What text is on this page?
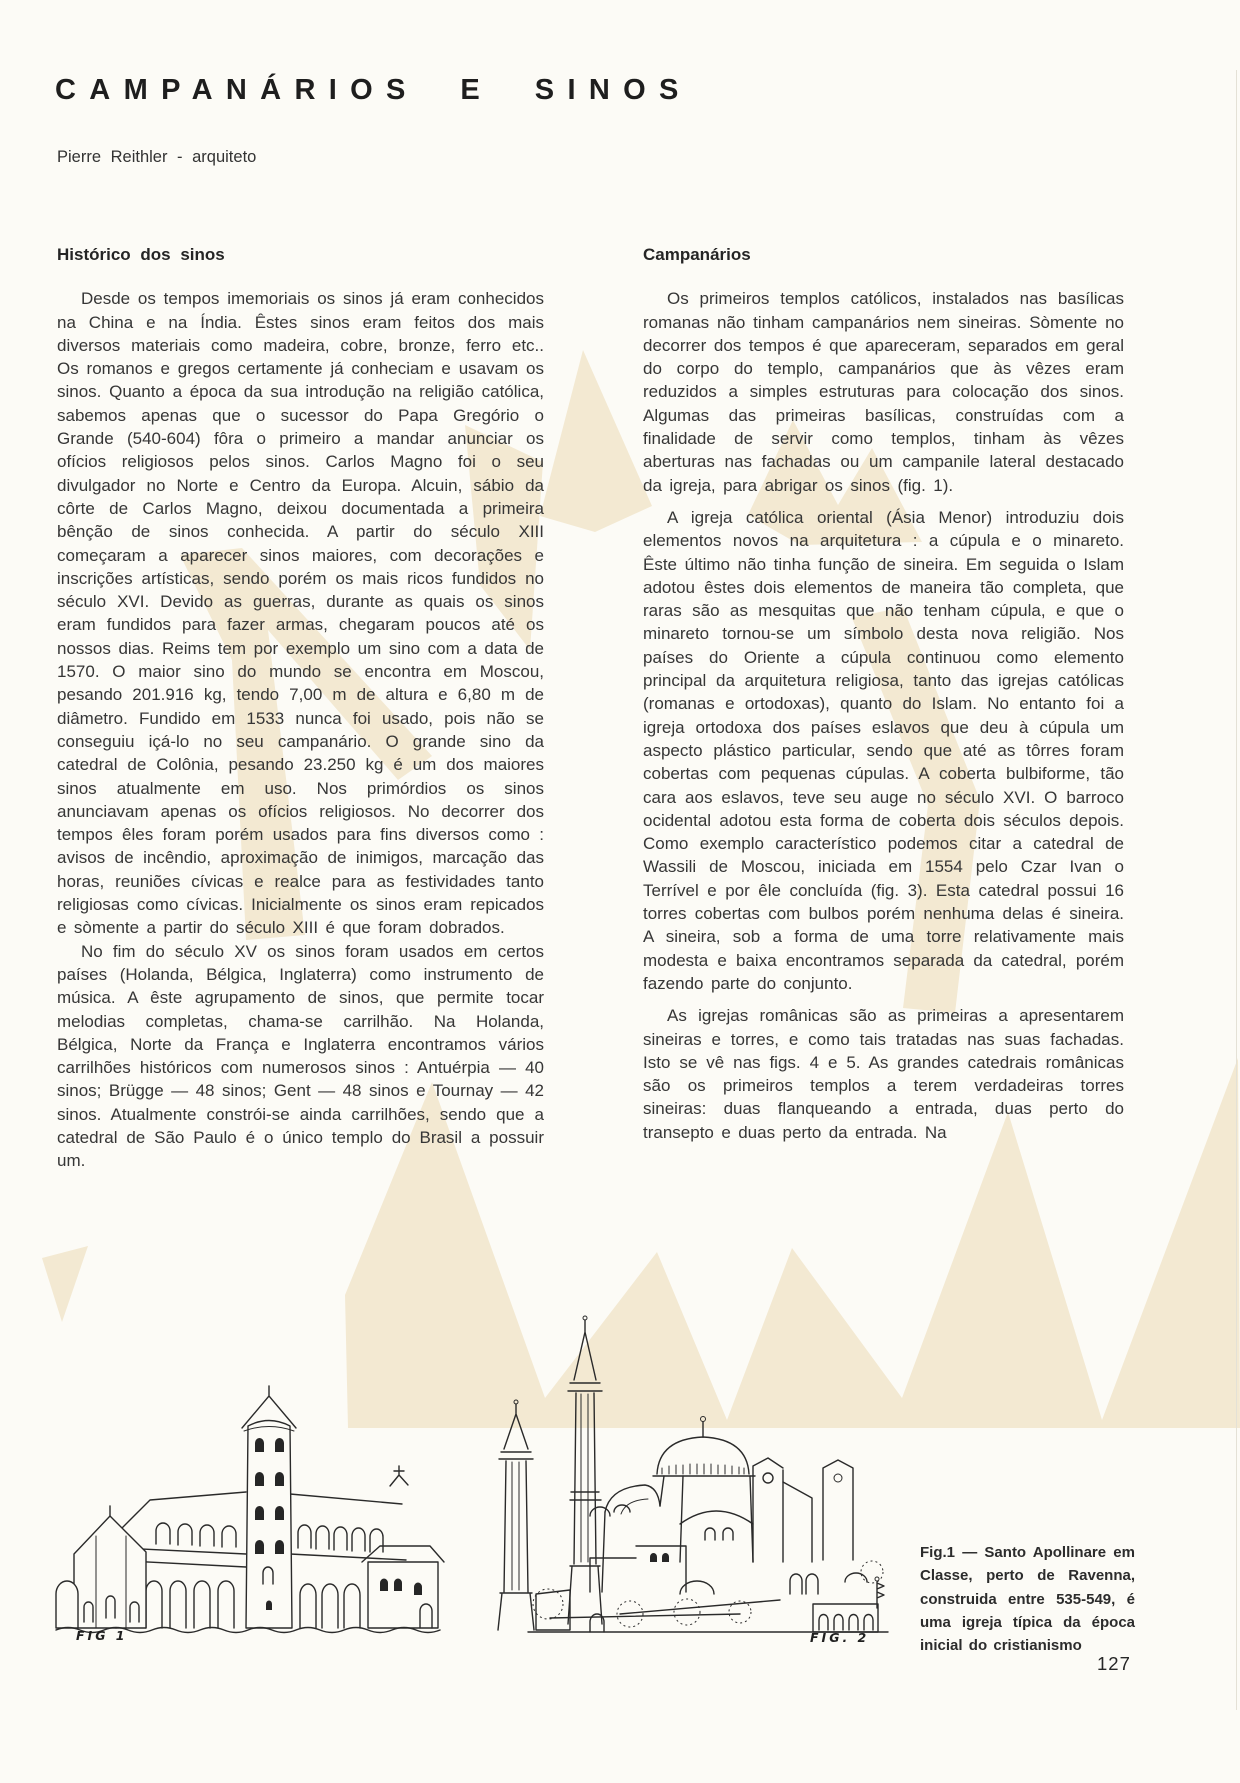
CAMPANÁRIOS E SINOS
Pierre Reithler - arquiteto
Histórico dos sinos

Desde os tempos imemoriais os sinos já eram conhecidos na China e na Índia. Êstes sinos eram feitos dos mais diversos materiais como madeira, cobre, bronze, ferro etc.. Os romanos e gregos certamente já conheciam e usavam os sinos. Quanto a época da sua introdução na religião católica, sabemos apenas que o sucessor do Papa Gregório o Grande (540-604) fôra o primeiro a mandar anunciar os ofícios religiosos pelos sinos. Carlos Magno foi o seu divulgador no Norte e Centro da Europa. Alcuin, sábio da côrte de Carlos Magno, deixou documentada a primeira bênção de sinos conhecida. A partir do século XIII começaram a aparecer sinos maiores, com decorações e inscrições artísticas, sendo porém os mais ricos fundidos no século XVI. Devido as guerras, durante as quais os sinos eram fundidos para fazer armas, chegaram poucos até os nossos dias. Reims tem por exemplo um sino com a data de 1570. O maior sino do mundo se encontra em Moscou, pesando 201.916 kg, tendo 7,00 m de altura e 6,80 m de diâmetro. Fundido em 1533 nunca foi usado, pois não se conseguiu içá-lo no seu campanário. O grande sino da catedral de Colônia, pesando 23.250 kg é um dos maiores sinos atualmente em uso. Nos primórdios os sinos anunciavam apenas os ofícios religiosos. No decorrer dos tempos êles foram porém usados para fins diversos como : avisos de incêndio, aproximação de inimigos, marcação das horas, reuniões cívicas e realce para as festividades tanto religiosas como cívicas. Inicialmente os sinos eram repicados e sòmente a partir do século XIII é que foram dobrados.

No fim do século XV os sinos foram usados em certos países (Holanda, Bélgica, Inglaterra) como instrumento de música. A êste agrupamento de sinos, que permite tocar melodias completas, chama-se carrilhão. Na Holanda, Bélgica, Norte da França e Inglaterra encontramos vários carrilhões históricos com numerosos sinos : Antuérpia — 40 sinos; Brügge — 48 sinos; Gent — 48 sinos e Tournay — 42 sinos. Atualmente constrói-se ainda carrilhões, sendo que a catedral de São Paulo é o único templo do Brasil a possuir um.

Campanários

Os primeiros templos católicos, instalados nas basílicas romanas não tinham campanários nem sineiras. Sòmente no decorrer dos tempos é que apareceram, separados em geral do corpo do templo, campanários que às vêzes eram reduzidos a simples estruturas para colocação dos sinos. Algumas das primeiras basílicas, construídas com a finalidade de servir como templos, tinham às vêzes aberturas nas fachadas ou um campanile lateral destacado da igreja, para abrigar os sinos (fig. 1).

A igreja católica oriental (Ásia Menor) introduziu dois elementos novos na arquitetura : a cúpula e o minareto. Êste último não tinha função de sineira. Em seguida o Islam adotou êstes dois elementos de maneira tão completa, que raras são as mesquitas que não tenham cúpula, e que o minareto tornou-se um símbolo desta nova religião. Nos países do Oriente a cúpula continuou como elemento principal da arquitetura religiosa, tanto das igrejas católicas (romanas e ortodoxas), quanto do Islam. No entanto foi a igreja ortodoxa dos países eslavos que deu à cúpula um aspecto plástico particular, sendo que até as tôrres foram cobertas com pequenas cúpulas. A coberta bulbiforme, tão cara aos eslavos, teve seu auge no século XVI. O barroco ocidental adotou esta forma de coberta dois séculos depois. Como exemplo característico podemos citar a catedral de Wassili de Moscou, iniciada em 1554 pelo Czar Ivan o Terrível e por êle concluída (fig. 3). Esta catedral possui 16 torres cobertas com bulbos porém nenhuma delas é sineira. A sineira, sob a forma de uma torre relativamente mais modesta e baixa encontramos separada da catedral, porém fazendo parte do conjunto.

As igrejas românicas são as primeiras a apresentarem sineiras e torres, e como tais tratadas nas suas fachadas. Isto se vê nas figs. 4 e 5. As grandes catedrais românicas são os primeiros templos a terem verdadeiras torres sineiras: duas flanqueando a entrada, duas perto do transepto e duas perto da entrada. Na

FIG 1	FIG. 2
Fig.1 — Santo Apollinare em Classe, perto de Ravenna, construida entre 535-549, é uma igreja típica da época inicial do cristianismo
127
